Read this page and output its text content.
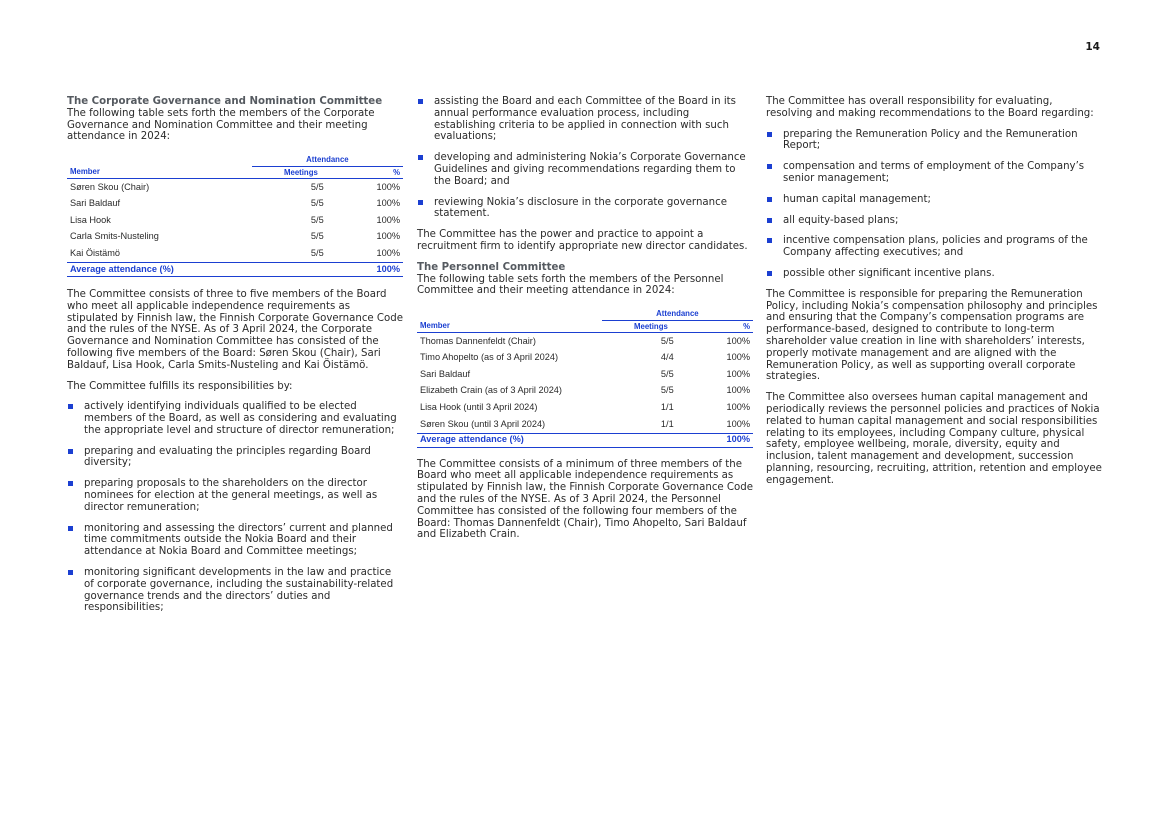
14
The Corporate Governance and Nomination Committee

The following table sets forth the members of the Corporate Governance and Nomination Committee and their meeting attendance in 2024:

	Attendance	
Member	Meetings	%
Søren Skou (Chair)	5/5	100%
Sari Baldauf	5/5	100%
Lisa Hook	5/5	100%
Carla Smits-Nusteling	5/5	100%
Kai Öistämö	5/5	100%
Average attendance (%)		100%

The Committee consists of three to five members of the Board who meet all applicable independence requirements as stipulated by Finnish law, the Finnish Corporate Governance Code and the rules of the NYSE. As of 3 April 2024, the Corporate Governance and Nomination Committee has consisted of the following five members of the Board: Søren Skou (Chair), Sari Baldauf, Lisa Hook, Carla Smits-Nusteling and Kai Öistämö.

The Committee fulfills its responsibilities by:

actively identifying individuals qualified to be elected members of the Board, as well as considering and evaluating the appropriate level and structure of director remuneration;
preparing and evaluating the principles regarding Board diversity;
preparing proposals to the shareholders on the director nominees for election at the general meetings, as well as director remuneration;
monitoring and assessing the directors’ current and planned time commitments outside the Nokia Board and their attendance at Nokia Board and Committee meetings;
monitoring significant developments in the law and practice of corporate governance, including the sustainability-related governance trends and the directors’ duties and responsibilities;
assisting the Board and each Committee of the Board in its annual performance evaluation process, including establishing criteria to be applied in connection with such evaluations;
developing and administering Nokia’s Corporate Governance Guidelines and giving recommendations regarding them to the Board; and
reviewing Nokia’s disclosure in the corporate governance statement.

The Committee has the power and practice to appoint a recruitment firm to identify appropriate new director candidates.

The Personnel Committee

The following table sets forth the members of the Personnel Committee and their meeting attendance in 2024:

	Attendance	
Member	Meetings	%
Thomas Dannenfeldt (Chair)	5/5	100%
Timo Ahopelto (as of 3 April 2024)	4/4	100%
Sari Baldauf	5/5	100%
Elizabeth Crain (as of 3 April 2024)	5/5	100%
Lisa Hook (until 3 April 2024)	1/1	100%
Søren Skou (until 3 April 2024)	1/1	100%
Average attendance (%)		100%

The Committee consists of a minimum of three members of the Board who meet all applicable independence requirements as stipulated by Finnish law, the Finnish Corporate Governance Code and the rules of the NYSE. As of 3 April 2024, the Personnel Committee has consisted of the following four members of the Board: Thomas Dannenfeldt (Chair), Timo Ahopelto, Sari Baldauf and Elizabeth Crain.

The Committee has overall responsibility for evaluating, resolving and making recommendations to the Board regarding:

preparing the Remuneration Policy and the Remuneration Report;
compensation and terms of employment of the Company’s senior management;
human capital management;
all equity-based plans;
incentive compensation plans, policies and programs of the Company affecting executives; and
possible other significant incentive plans.

The Committee is responsible for preparing the Remuneration Policy, including Nokia’s compensation philosophy and principles and ensuring that the Company’s compensation programs are performance-based, designed to contribute to long-term shareholder value creation in line with shareholders’ interests, properly motivate management and are aligned with the Remuneration Policy, as well as supporting overall corporate strategies.

The Committee also oversees human capital management and periodically reviews the personnel policies and practices of Nokia related to human capital management and social responsibilities relating to its employees, including Company culture, physical safety, employee wellbeing, morale, diversity, equity and inclusion, talent management and development, succession planning, resourcing, recruiting, attrition, retention and employee engagement.
